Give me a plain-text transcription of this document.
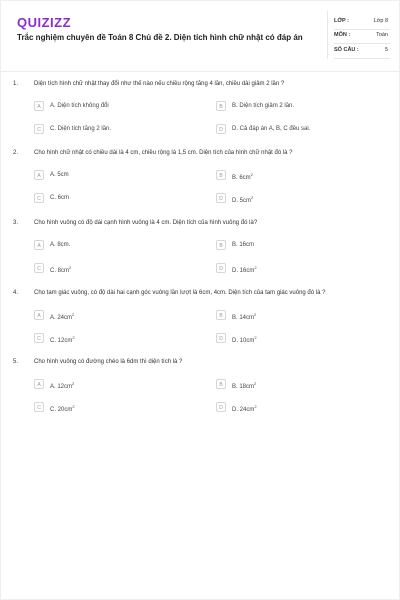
QUIZIZZ
Trắc nghiệm chuyên đề Toán 8 Chủ đề 2. Diện tích hình chữ nhật có đáp án
LỚP :	Lớp 8
MÔN :	Toán
SỐ CÂU :	5
1.	Diện tích hình chữ nhật thay đổi như thế nào nếu chiều rộng tăng 4 lần, chiều dài giảm 2 lần ?
A	A. Diện tích không đổi	B	B. Diện tích giảm 2 lần.
C	C. Diện tích tăng 2 lần.	D	D. Cả đáp án A, B, C đều sai.
2.	Cho hình chữ nhật có chiều dài là 4 cm, chiều rộng là 1,5 cm. Diện tích của hình chữ nhật đó là ?
A	A. 5cm	B	B. $6cm^2$
C	C. 6cm	D	D. $5cm^2$
3.	Cho hình vuông có độ dài cạnh hình vuông là 4 cm. Diện tích của hình vuông đó là?
A	A. 8cm.	B	B. 16cm
C	C. $8cm^2$	D	D. $16cm^2$
4.	Cho tam giác vuông, có độ dài hai cạnh góc vuông lần lượt là 6cm, 4cm. Diện tích của tam giác vuông đó là ?
A	A. $24cm^2$	B	B. $14cm^2$
C	C. $12cm^2$	D	D. $10cm^2$
5.	Cho hình vuông có đường chéo là 6dm thì diện tích là ?
A	A. $12cm^2$	B	B. $18cm^2$
C	C. $20cm^2$	D	D. $24cm^2$
